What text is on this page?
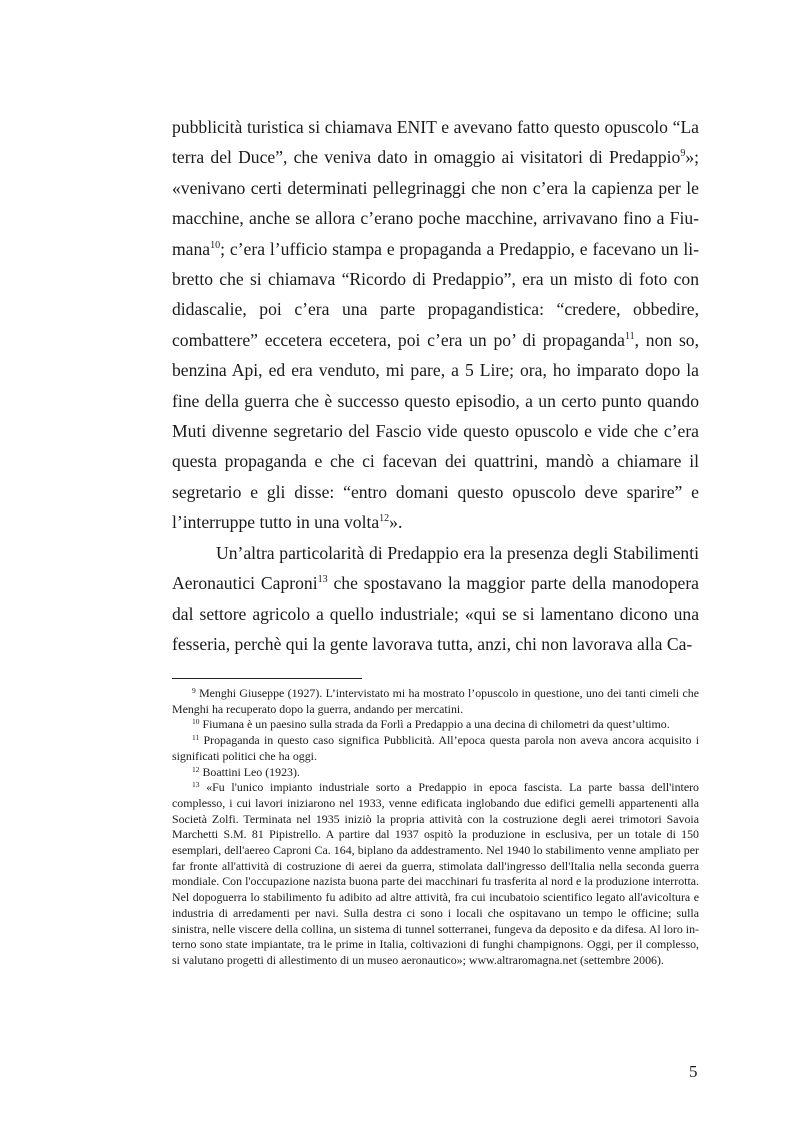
pubblicità turistica si chiamava ENIT e avevano fatto questo opuscolo “La terra del Duce”, che veniva dato in omaggio ai visitatori di Predappio$^9$»; «venivano certi determinati pellegrinaggi che non c’era la capienza per le macchine, anche se allora c’erano poche macchine, arrivavano fino a Fiumana$^{10}$; c’era l’ufficio stampa e propaganda a Predappio, e facevano un libretto che si chiamava “Ricordo di Predappio”, era un misto di foto con didascalie, poi c’era una parte propagandistica: “credere, obbedire, combattere” eccetera eccetera, poi c’era un po’ di propaganda$^{11}$, non so, benzina Api, ed era venduto, mi pare, a 5 Lire; ora, ho imparato dopo la fine della guerra che è successo questo episodio, a un certo punto quando Muti divenne segretario del Fascio vide questo opuscolo e vide che c’era questa propaganda e che ci facevan dei quattrini, mandò a chiamare il segretario e gli disse: “entro domani questo opuscolo deve sparire” e l’interruppe tutto in una volta$^{12}$».

Un’altra particolarità di Predappio era la presenza degli Stabilimenti Aeronautici Caproni$^{13}$ che spostavano la maggior parte della manodopera dal settore agricolo a quello industriale; «qui se si lamentano dicono una fesseria, perchè qui la gente lavorava tutta, anzi, chi non lavorava alla Ca-

$^9$ Menghi Giuseppe (1927). L’intervistato mi ha mostrato l’opuscolo in questione, uno dei tanti cimeli che Menghi ha recuperato dopo la guerra, andando per mercatini.

$^{10}$ Fiumana è un paesino sulla strada da Forlì a Predappio a una decina di chilometri da quest’ultimo.

$^{11}$ Propaganda in questo caso significa Pubblicità. All’epoca questa parola non aveva ancora acquisito i significati politici che ha oggi.

$^{12}$ Boattini Leo (1923).

$^{13}$ «Fu l'unico impianto industriale sorto a Predappio in epoca fascista. La parte bassa dell'intero complesso, i cui lavori iniziarono nel 1933, venne edificata inglobando due edifici gemelli appartenenti alla Società Zolfi. Terminata nel 1935 iniziò la propria attività con la costruzione degli aerei trimotori Savoia Marchetti S.M. 81 Pipistrello. A partire dal 1937 ospitò la produzione in esclusiva, per un totale di 150 esemplari, dell'aereo Caproni Ca. 164, biplano da addestramento. Nel 1940 lo stabilimento venne ampliato per far fronte all'attività di costruzione di aerei da guerra, stimolata dall'ingresso dell'Italia nella seconda guerra mondiale. Con l'occupazione nazista buona parte dei macchinari fu trasferita al nord e la produzione interrotta. Nel dopoguerra lo stabilimento fu adibito ad altre attività, fra cui incubatoio scientifico legato all'avicoltura e industria di arredamenti per navi. Sulla destra ci sono i locali che ospitavano un tempo le officine; sulla sinistra, nelle viscere della collina, un sistema di tunnel sotterranei, fungeva da deposito e da difesa. Al loro interno sono state impiantate, tra le prime in Italia, coltivazioni di funghi champignons. Oggi, per il complesso, si valutano progetti di allestimento di un museo aeronautico»; www.altraromagna.net (settembre 2006).

5
